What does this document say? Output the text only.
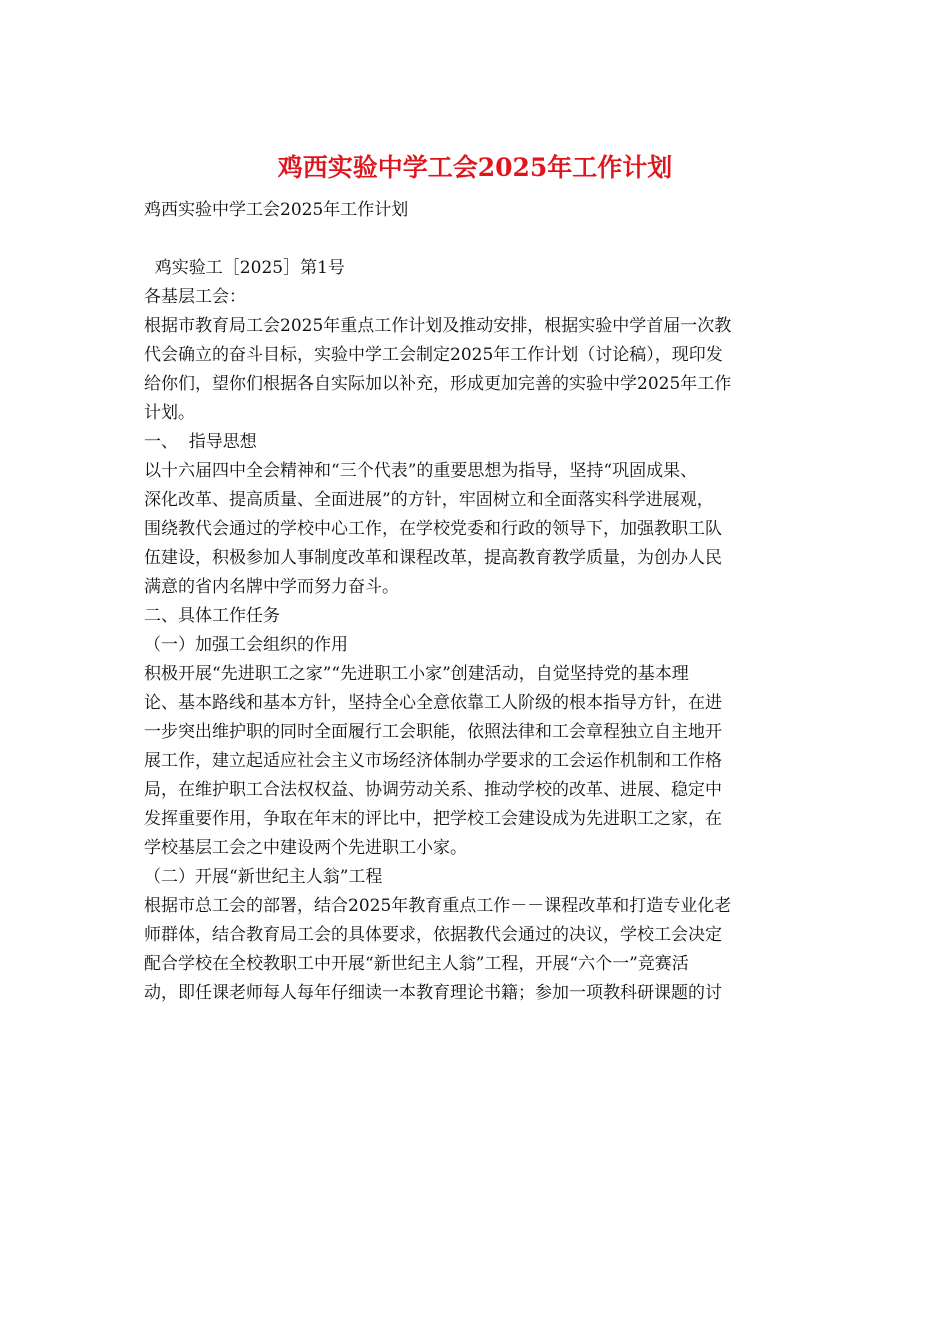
鸡西实验中学工会2025年工作计划
鸡西实验中学工会2025年工作计划
鸡实验工［2025］第1号
各基层工会：
根据市教育局工会2025年重点工作计划及推动安排，根据实验中学首届一次教
代会确立的奋斗目标，实验中学工会制定2025年工作计划（讨论稿），现印发
给你们，望你们根据各自实际加以补充，形成更加完善的实验中学2025年工作
计划。
一、  指导思想
以十六届四中全会精神和“三个代表”的重要思想为指导，坚持“巩固成果、
深化改革、提高质量、全面进展”的方针，牢固树立和全面落实科学进展观，
围绕教代会通过的学校中心工作，在学校党委和行政的领导下，加强教职工队
伍建设，积极参加人事制度改革和课程改革，提高教育教学质量，为创办人民
满意的省内名牌中学而努力奋斗。
二、具体工作任务
（一）加强工会组织的作用
积极开展“先进职工之家”“先进职工小家”创建活动，自觉坚持党的基本理
论、基本路线和基本方针，坚持全心全意依靠工人阶级的根本指导方针，在进
一步突出维护职的同时全面履行工会职能，依照法律和工会章程独立自主地开
展工作，建立起适应社会主义市场经济体制办学要求的工会运作机制和工作格
局，在维护职工合法权权益、协调劳动关系、推动学校的改革、进展、稳定中
发挥重要作用，争取在年末的评比中，把学校工会建设成为先进职工之家，在
学校基层工会之中建设两个先进职工小家。
（二）开展“新世纪主人翁”工程
根据市总工会的部署，结合2025年教育重点工作－－课程改革和打造专业化老
师群体，结合教育局工会的具体要求，依据教代会通过的决议，学校工会决定
配合学校在全校教职工中开展“新世纪主人翁”工程，开展“六个一”竞赛活
动，即任课老师每人每年仔细读一本教育理论书籍；参加一项教科研课题的讨
